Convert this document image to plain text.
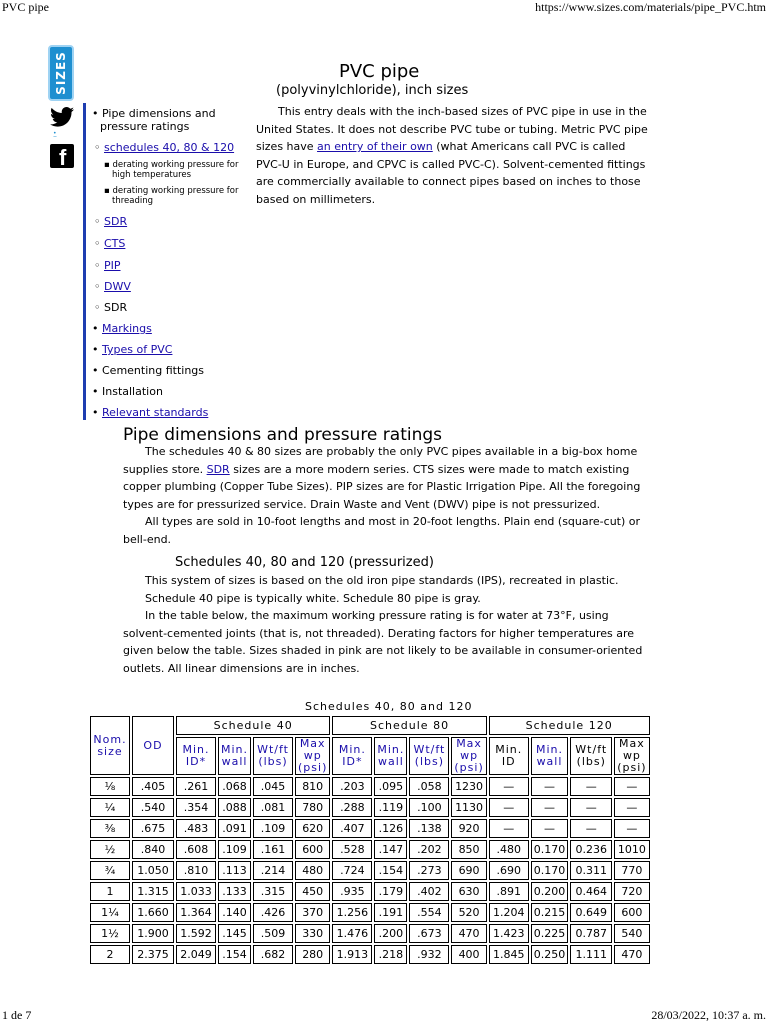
PVC pipe	https://www.sizes.com/materials/pipe_PVC.htm
1 de 7	28/03/2022, 10:37 a. m.
SIZES
•̲
f
• Pipe dimensions and
pressure ratings
◦ schedules 40, 80 & 120
▪ derating working pressure for
high temperatures
▪ derating working pressure for
threading
◦ SDR
◦ CTS
◦ PIP
◦ DWV
◦ SDR
• Markings
• Types of PVC
• Cementing fittings
• Installation
• Relevant standards
PVC pipe
(polyvinylchloride), inch sizes

This entry deals with the inch-based sizes of PVC pipe in use in the United States. It does not describe PVC tube or tubing. Metric PVC pipe sizes have an entry of their own (what Americans call PVC is called PVC-U in Europe, and CPVC is called PVC-C). Solvent-cemented fittings are commercially available to connect pipes based on inches to those based on millimeters.

Pipe dimensions and pressure ratings

The schedules 40 & 80 sizes are probably the only PVC pipes available in a big-box home supplies store. SDR sizes are a more modern series. CTS sizes were made to match existing copper plumbing (Copper Tube Sizes). PIP sizes are for Plastic Irrigation Pipe. All the foregoing types are for pressurized service. Drain Waste and Vent (DWV) pipe is not pressurized.

All types are sold in 10-foot lengths and most in 20-foot lengths. Plain end (square-cut) or bell-end.

Schedules 40, 80 and 120 (pressurized)

This system of sizes is based on the old iron pipe standards (IPS), recreated in plastic.

Schedule 40 pipe is typically white. Schedule 80 pipe is gray.

In the table below, the maximum working pressure rating is for water at 73°F, using solvent-cemented joints (that is, not threaded). Derating factors for higher temperatures are given below the table. Sizes shaded in pink are not likely to be available in consumer-oriented outlets. All linear dimensions are in inches.

Schedules 40, 80 and 120
Nom. size	OD	Schedule 40				Schedule 80				Schedule 120			
		Min. ID*	Min. wall	Wt/ft (lbs)	Max wp (psi)	Min. ID*	Min. wall	Wt/ft (lbs)	Max wp (psi)	Min. ID	Min. wall	Wt/ft (lbs)	Max wp (psi)
⅛	.405	.261	.068	.045	810	.203	.095	.058	1230	—	—	—	—
¼	.540	.354	.088	.081	780	.288	.119	.100	1130	—	—	—	—
⅜	.675	.483	.091	.109	620	.407	.126	.138	920	—	—	—	—
½	.840	.608	.109	.161	600	.528	.147	.202	850	.480	0.170	0.236	1010
¾	1.050	.810	.113	.214	480	.724	.154	.273	690	.690	0.170	0.311	770
1	1.315	1.033	.133	.315	450	.935	.179	.402	630	.891	0.200	0.464	720
1¼	1.660	1.364	.140	.426	370	1.256	.191	.554	520	1.204	0.215	0.649	600
1½	1.900	1.592	.145	.509	330	1.476	.200	.673	470	1.423	0.225	0.787	540
2	2.375	2.049	.154	.682	280	1.913	.218	.932	400	1.845	0.250	1.111	470
